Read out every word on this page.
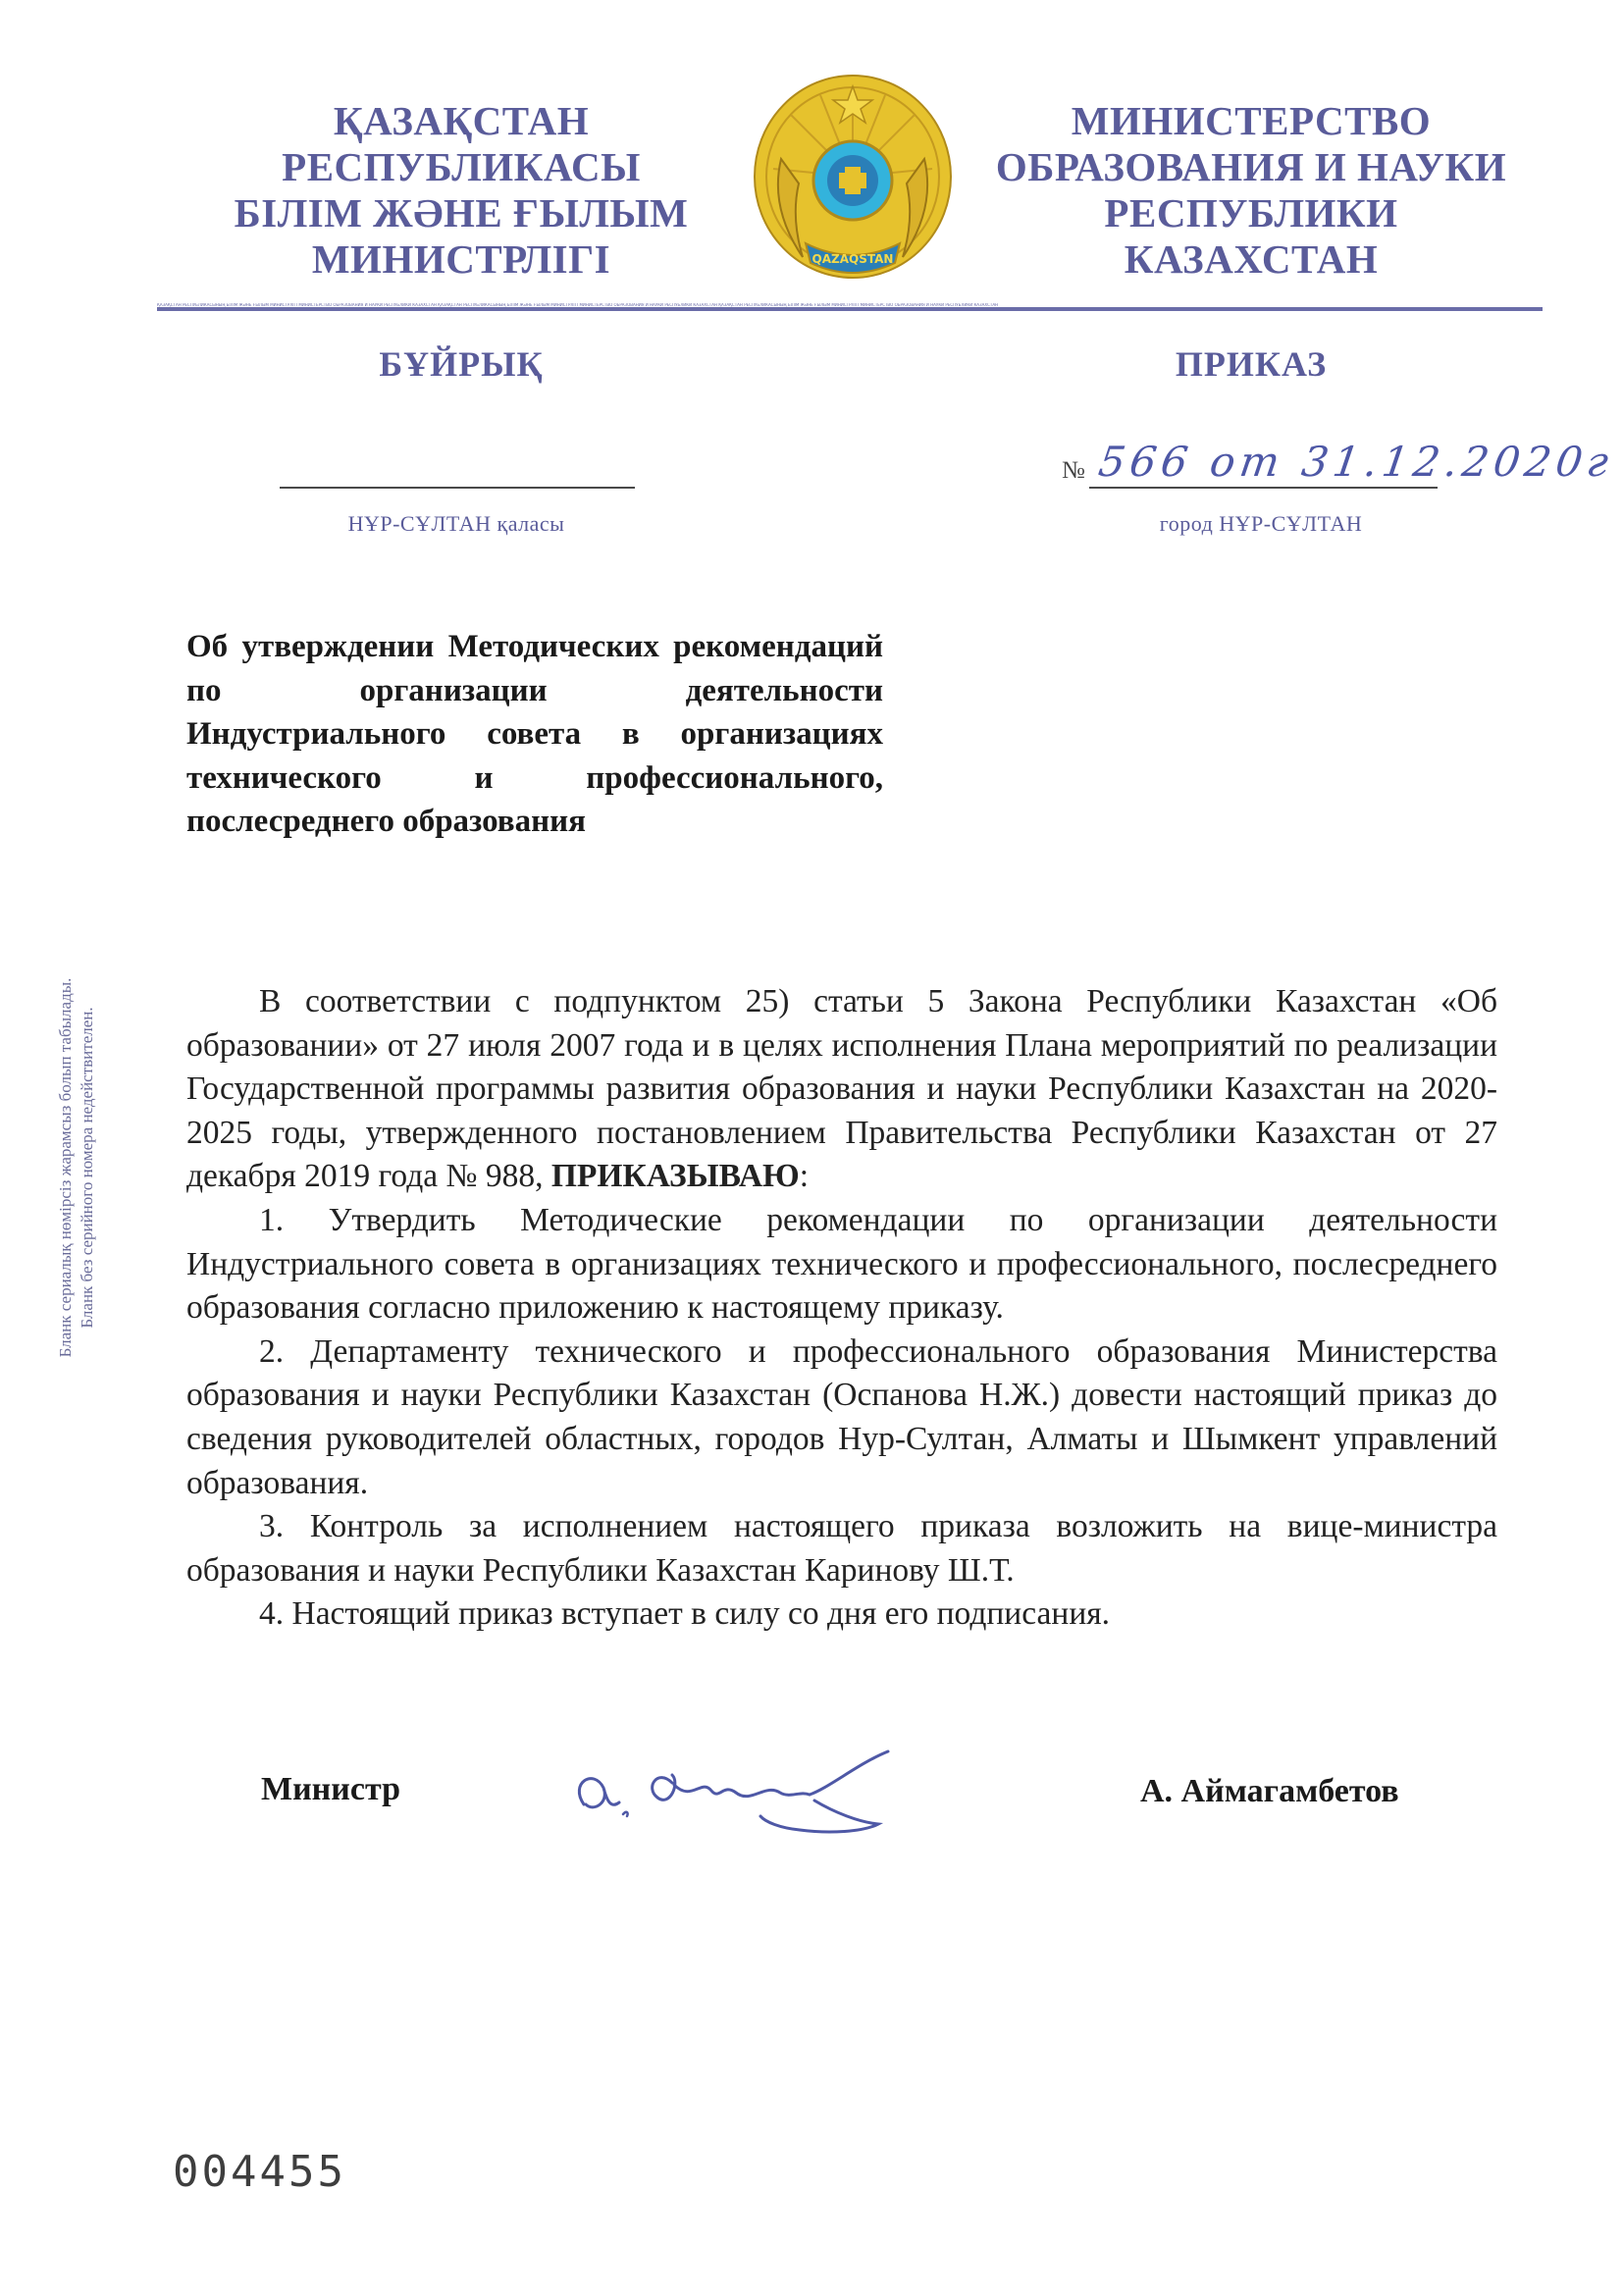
ҚАЗАҚСТАН
РЕСПУБЛИКАСЫ
БІЛІМ ЖӘНЕ ҒЫЛЫМ
МИНИСТРЛІГІ	QAZAQSTAN
МИНИСТЕРСТВО
ОБРАЗОВАНИЯ И НАУКИ
РЕСПУБЛИКИ
КАЗАХСТАН
ҚАЗАҚСТАН РЕСПУБЛИКАСЫНЫҢ БІЛІМ ЖӘНЕ ҒЫЛЫМ МИНИСТРЛІГІ МИНИСТЕРСТВО ОБРАЗОВАНИЯ И НАУКИ РЕСПУБЛИКИ КАЗАХСТАН ҚАЗАҚСТАН РЕСПУБЛИКАСЫНЫҢ БІЛІМ ЖӘНЕ ҒЫЛЫМ МИНИСТРЛІГІ МИНИСТЕРСТВО ОБРАЗОВАНИЯ И НАУКИ РЕСПУБЛИКИ КАЗАХСТАН ҚАЗАҚСТАН РЕСПУБЛИКАСЫНЫҢ БІЛІМ ЖӘНЕ ҒЫЛЫМ МИНИСТРЛІГІ МИНИСТЕРСТВО ОБРАЗОВАНИЯ И НАУКИ РЕСПУБЛИКИ КАЗАХСТАН
БҰЙРЫҚ	ПРИКАЗ
№ 566 от 31.12.2020г
НҰР-СҰЛТАН қаласы	город НҰР-СҰЛТАН
Об утверждении Методических рекомендаций по организации деятельности Индустриального совета в организациях технического и профессионального, послесреднего образования
Бланк сериалық нөмірсіз жарамсыз болып табылады. Бланк без серийного номера недействителен.

В соответствии с подпунктом 25) статьи 5 Закона Республики Казахстан «Об образовании» от 27 июля 2007 года и в целях исполнения Плана мероприятий по реализации Государственной программы развития образования и науки Республики Казахстан на 2020-2025 годы, утвержденного постановлением Правительства Республики Казахстан от 27 декабря 2019 года № 988, ПРИКАЗЫВАЮ:

1. Утвердить Методические рекомендации по организации деятельности Индустриального совета в организациях технического и профессионального, послесреднего образования согласно приложению к настоящему приказу.

2. Департаменту технического и профессионального образования Министерства образования и науки Республики Казахстан (Оспанова Н.Ж.) довести настоящий приказ до сведения руководителей областных, городов Нур-Султан, Алматы и Шымкент управлений образования.

3. Контроль за исполнением настоящего приказа возложить на вице-министра образования и науки Республики Казахстан Каринову Ш.Т.

4. Настоящий приказ вступает в силу со дня его подписания.

Министр	А. Аймагамбетов
004455
